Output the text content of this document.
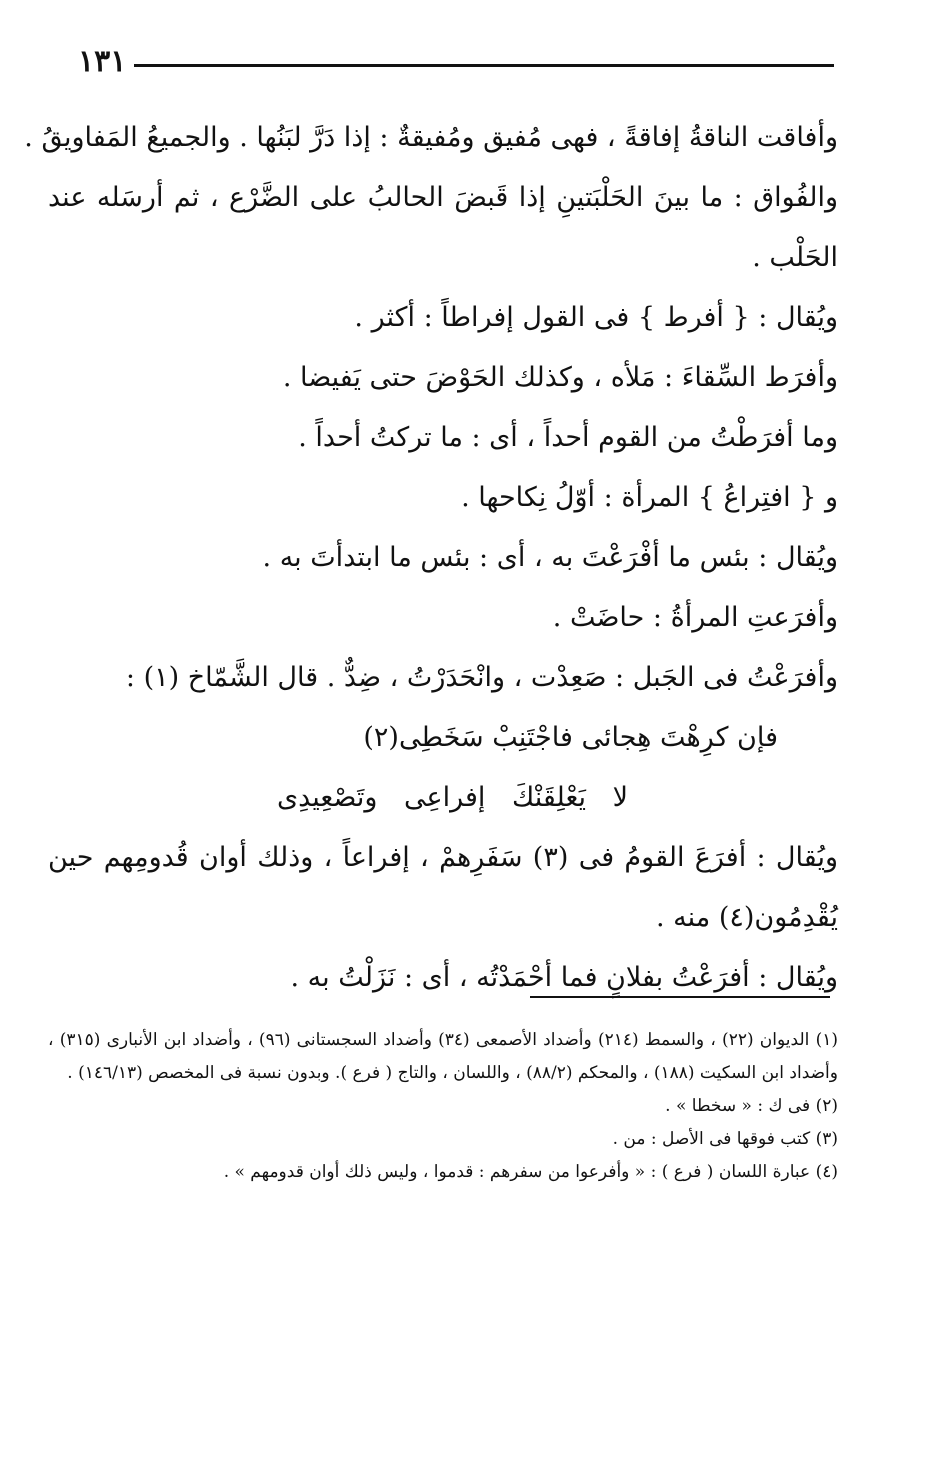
١٣١

وأفاقت الناقةُ إفاقةً ، فهى مُفيق ومُفيقةٌ : إذا دَرَّ لبَنُها . والجميعُ المَفاويقُ .

والفُواق : ما بينَ الحَلْبَتينِ إذا قَبضَ الحالبُ على الضَّرْع ، ثم أرسَله عند الحَلْب .

ويُقال : { أفرط } فى القول إفراطاً : أكثر .

وأفرَط السِّقاءَ : مَلأه ، وكذلك الحَوْضَ حتى يَفيضا .

وما أفرَطْتُ من القوم أحداً ، أى : ما تركتُ أحداً .

و { افتِراعُ } المرأة : أوّلُ نِكاحها .

ويُقال : بئس ما أفْرَعْتَ به ، أى : بئس ما ابتدأتَ به .

وأفرَعتِ المرأةُ : حاضَتْ .

وأفرَعْتُ فى الجَبل : صَعِدْت ، وانْحَدَرْتُ ، ضِدٌّ . قال الشَّمّاخ (١) :

فإن كرِهْتَ هِجائى فاجْتَنِبْ سَخَطِى(٢)

لا يَعْلِقَنْكَ إفراعِى وتَصْعِيدِى

ويُقال : أفرَعَ القومُ فى (٣) سَفَرِهمْ ، إفراعاً ، وذلك أوان قُدومِهم حين يُقْدِمُون(٤) منه .

ويُقال : أفرَعْتُ بفلانٍ فما أحْمَدْتُه ، أى : نَزَلْتُ به .

(١) الديوان (٢٢) ، والسمط (٢١٤) وأضداد الأصمعى (٣٤) وأضداد السجستانى (٩٦) ، وأضداد ابن الأنبارى (٣١٥) ، وأضداد ابن السكيت (١٨٨) ، والمحكم (٨٨/٢) ، واللسان ، والتاج ( فرع ). وبدون نسبة فى المخصص (١٤٦/١٣) .

(٢) فى ك : « سخطا » .

(٣) كتب فوقها فى الأصل : من .

(٤) عبارة اللسان ( فرع ) : « وأفرعوا من سفرهم : قدموا ، وليس ذلك أوان قدومهم » .
